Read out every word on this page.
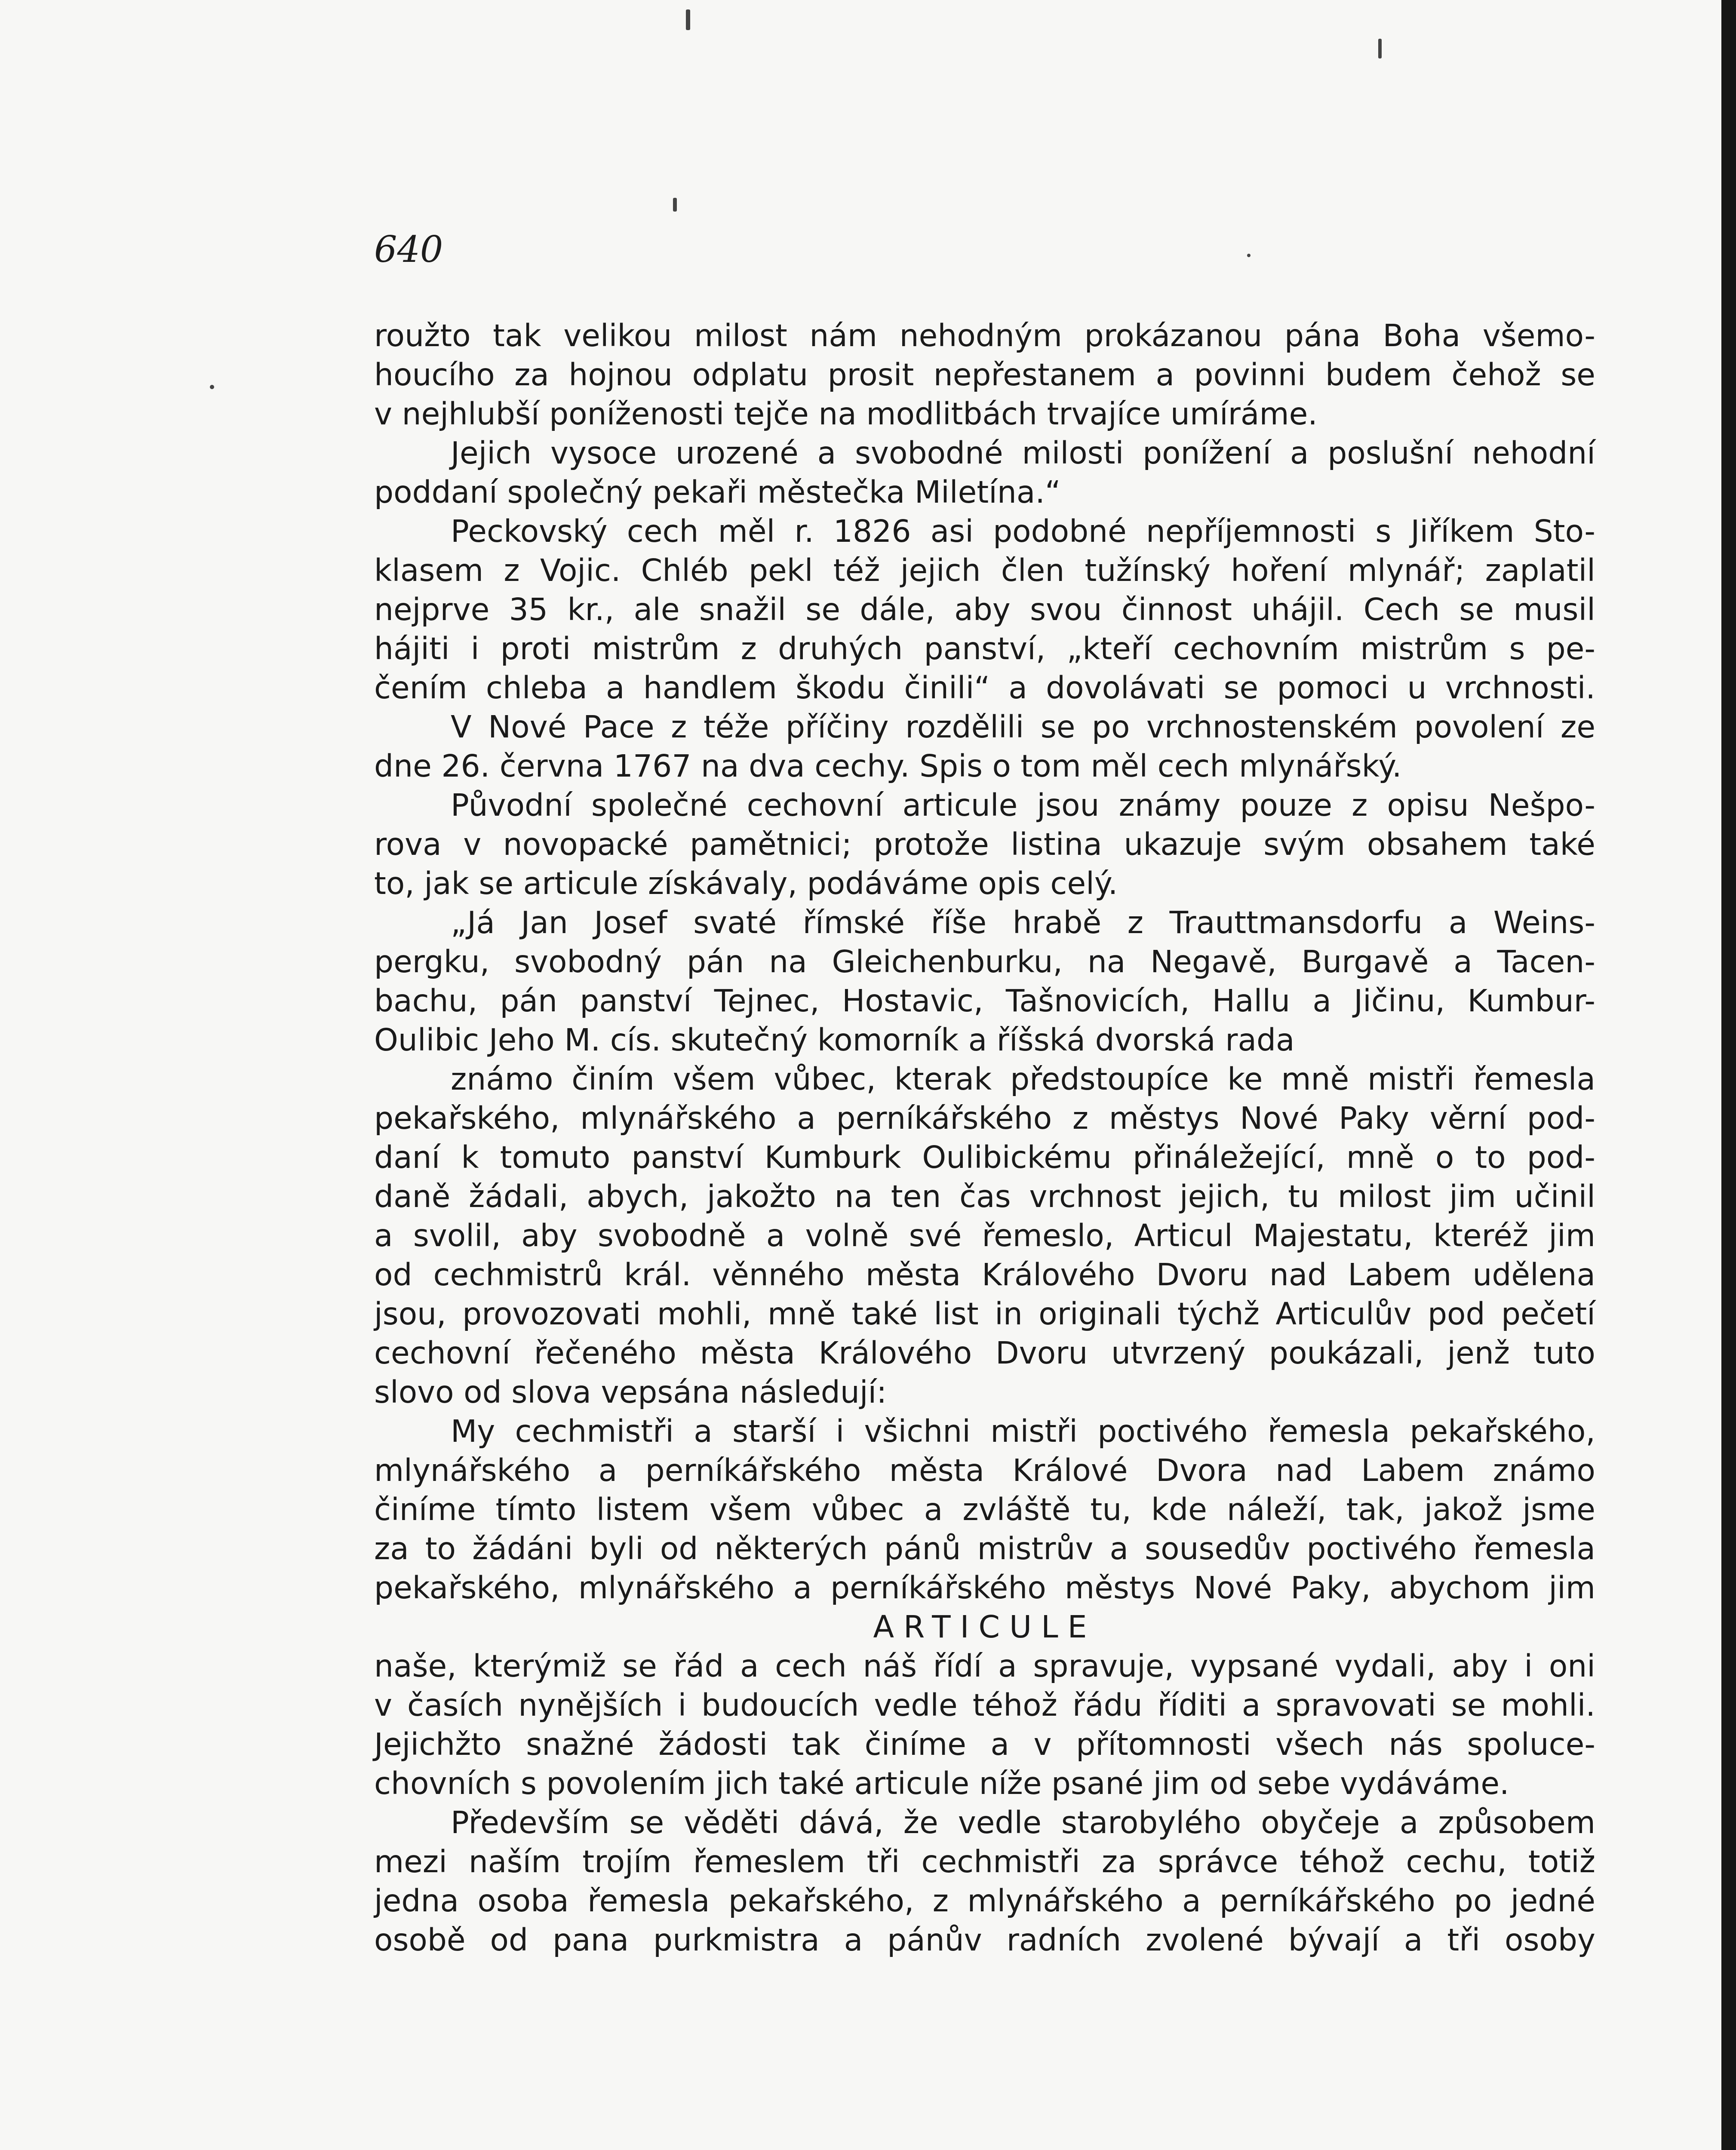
640

roužto tak velikou milost nám nehodným prokázanou pána Boha všemo-

houcího za hojnou odplatu prosit nepřestanem a povinni budem čehož se

v nejhlubší poníženosti tejče na modlitbách trvajíce umíráme.

Jejich vysoce urozené a svobodné milosti ponížení a poslušní nehodní

poddaní společný pekaři městečka Miletína.“

Peckovský cech měl r. 1826 asi podobné nepříjemnosti s Jiříkem Sto-

klasem z Vojic. Chléb pekl též jejich člen tužínský hoření mlynář; zaplatil

nejprve 35 kr., ale snažil se dále, aby svou činnost uhájil. Cech se musil

hájiti i proti mistrům z druhých panství, „kteří cechovním mistrům s pe-

čením chleba a handlem škodu činili“ a dovolávati se pomoci u vrchnosti.

V Nové Pace z téže příčiny rozdělili se po vrchnostenském povolení ze

dne 26. června 1767 na dva cechy. Spis o tom měl cech mlynářský.

Původní společné cechovní articule jsou známy pouze z opisu Nešpo-

rova v novopacké pamětnici; protože listina ukazuje svým obsahem také

to, jak se articule získávaly, podáváme opis celý.

„Já Jan Josef svaté římské říše hrabě z Trauttmansdorfu a Weins-

pergku, svobodný pán na Gleichenburku, na Negavě, Burgavě a Tacen-

bachu, pán panství Tejnec, Hostavic, Tašnovicích, Hallu a Jičinu, Kumbur-

Oulibic Jeho M. cís. skutečný komorník a říšská dvorská rada

známo činím všem vůbec, kterak předstoupíce ke mně mistři řemesla

pekařského, mlynářského a perníkářského z městys Nové Paky věrní pod-

daní k tomuto panství Kumburk Oulibickému přináležející, mně o to pod-

daně žádali, abych, jakožto na ten čas vrchnost jejich, tu milost jim učinil

a svolil, aby svobodně a volně své řemeslo, Articul Majestatu, kteréž jim

od cechmistrů král. věnného města Králového Dvoru nad Labem udělena

jsou, provozovati mohli, mně také list in originali týchž Articulův pod pečetí

cechovní řečeného města Králového Dvoru utvrzený poukázali, jenž tuto

slovo od slova vepsána následují:

My cechmistři a starší i všichni mistři poctivého řemesla pekařského,

mlynářského a perníkářského města Králové Dvora nad Labem známo

činíme tímto listem všem vůbec a zvláště tu, kde náleží, tak, jakož jsme

za to žádáni byli od některých pánů mistrův a sousedův poctivého řemesla

pekařského, mlynářského a perníkářského městys Nové Paky, abychom jim

ARTICULE

naše, kterýmiž se řád a cech náš řídí a spravuje, vypsané vydali, aby i oni

v časích nynějších i budoucích vedle téhož řádu říditi a spravovati se mohli.

Jejichžto snažné žádosti tak činíme a v přítomnosti všech nás spoluce-

chovních s povolením jich také articule níže psané jim od sebe vydáváme.

Především se věděti dává, že vedle starobylého obyčeje a způsobem

mezi naším trojím řemeslem tři cechmistři za správce téhož cechu, totiž

jedna osoba řemesla pekařského, z mlynářského a perníkářského po jedné

osobě od pana purkmistra a pánův radních zvolené bývají a tři osoby
